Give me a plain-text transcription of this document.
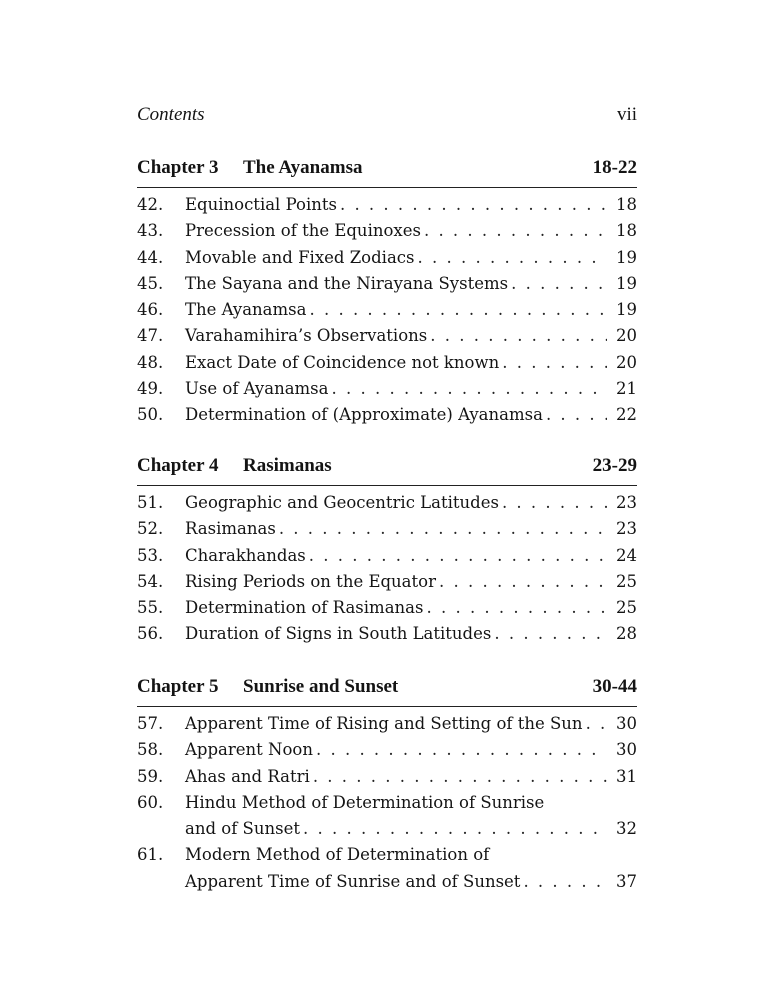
Contents	vii
Chapter 3 The Ayanamsa	18-22
42.	Equinoctial Points . . .	18
43.	Precession of the Equinoxes . . .	18
44.	Movable and Fixed Zodiacs . . .	19
45.	The Sayana and the Nirayana Systems . . .	19
46.	The Ayanamsa . . .	19
47.	Varahamihira’s Observations . . .	20
48.	Exact Date of Coincidence not known . . .	20
49.	Use of Ayanamsa . . .	21
50.	Determination of (Approximate) Ayanamsa . . .	22
Chapter 4 Rasimanas	23-29
51.	Geographic and Geocentric Latitudes . . .	23
52.	Rasimanas . . .	23
53.	Charakhandas . . .	24
54.	Rising Periods on the Equator . . .	25
55.	Determination of Rasimanas . . .	25
56.	Duration of Signs in South Latitudes . . .	28
Chapter 5 Sunrise and Sunset	30-44
57.	Apparent Time of Rising and Setting of the Sun . . .	30
58.	Apparent Noon . . .	30
59.	Ahas and Ratri . . .	31
60.	Hindu Method of Determination of Sunrise
and of Sunset . . .	32
61.	Modern Method of Determination of
Apparent Time of Sunrise and of Sunset . . .	37
